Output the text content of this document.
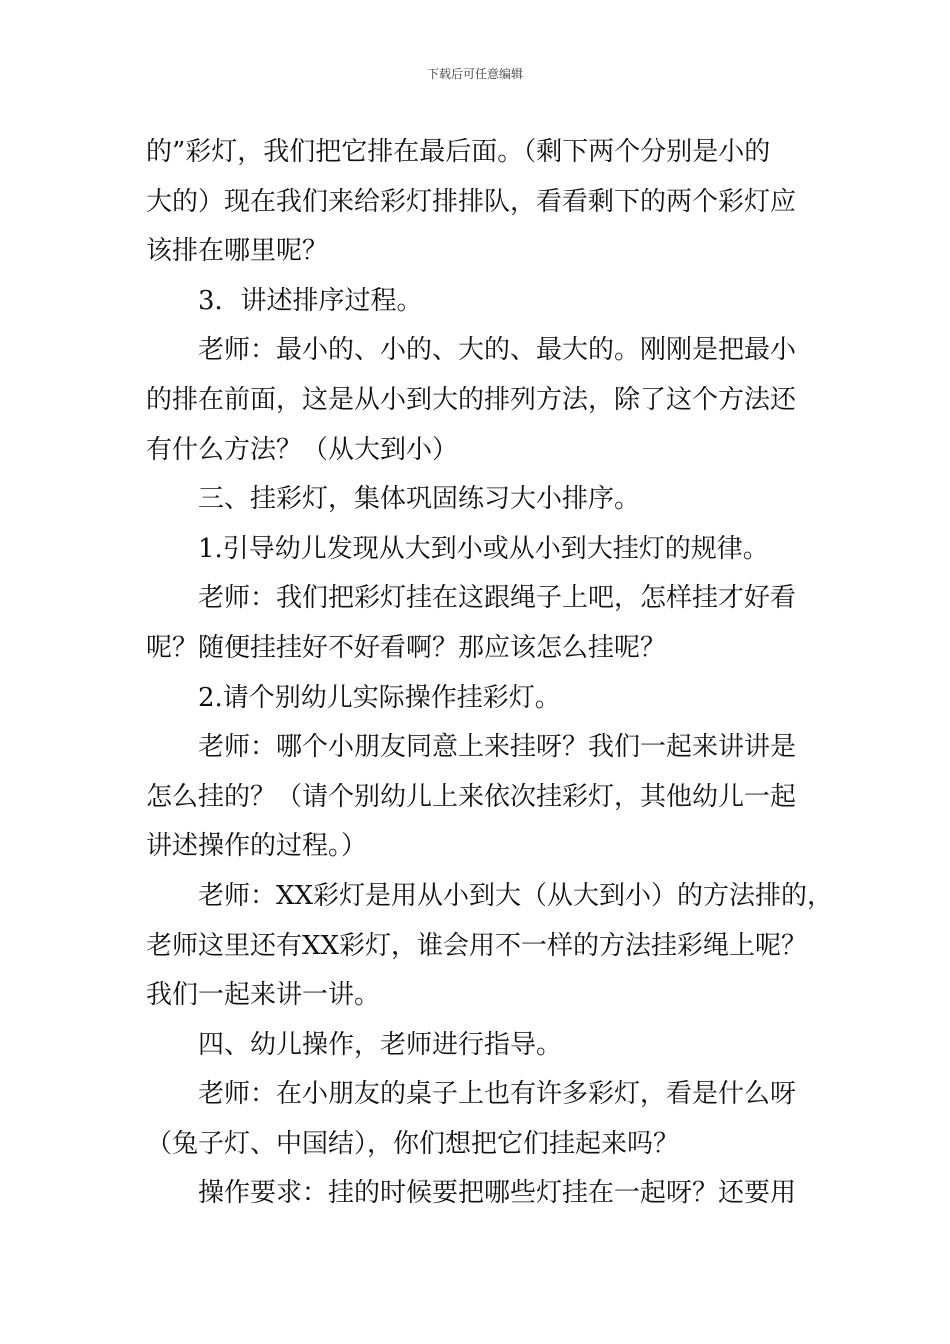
下载后可任意编辑

的”彩灯，我们把它排在最后面。（剩下两个分别是小的
大的）现在我们来给彩灯排排队，看看剩下的两个彩灯应
该排在哪里呢？

3．讲述排序过程。

老师：最小的、小的、大的、最大的。刚刚是把最小
的排在前面，这是从小到大的排列方法，除了这个方法还
有什么方法？（从大到小）

三、挂彩灯，集体巩固练习大小排序。

1.引导幼儿发现从大到小或从小到大挂灯的规律。

老师：我们把彩灯挂在这跟绳子上吧，怎样挂才好看
呢？随便挂挂好不好看啊？那应该怎么挂呢？

2.请个别幼儿实际操作挂彩灯。

老师：哪个小朋友同意上来挂呀？我们一起来讲讲是
怎么挂的？（请个别幼儿上来依次挂彩灯，其他幼儿一起
讲述操作的过程。）

老师：XX彩灯是用从小到大（从大到小）的方法排的，
老师这里还有XX彩灯，谁会用不一样的方法挂彩绳上呢？
我们一起来讲一讲。

四、幼儿操作，老师进行指导。

老师：在小朋友的桌子上也有许多彩灯，看是什么呀
（兔子灯、中国结），你们想把它们挂起来吗？

操作要求：挂的时候要把哪些灯挂在一起呀？还要用
